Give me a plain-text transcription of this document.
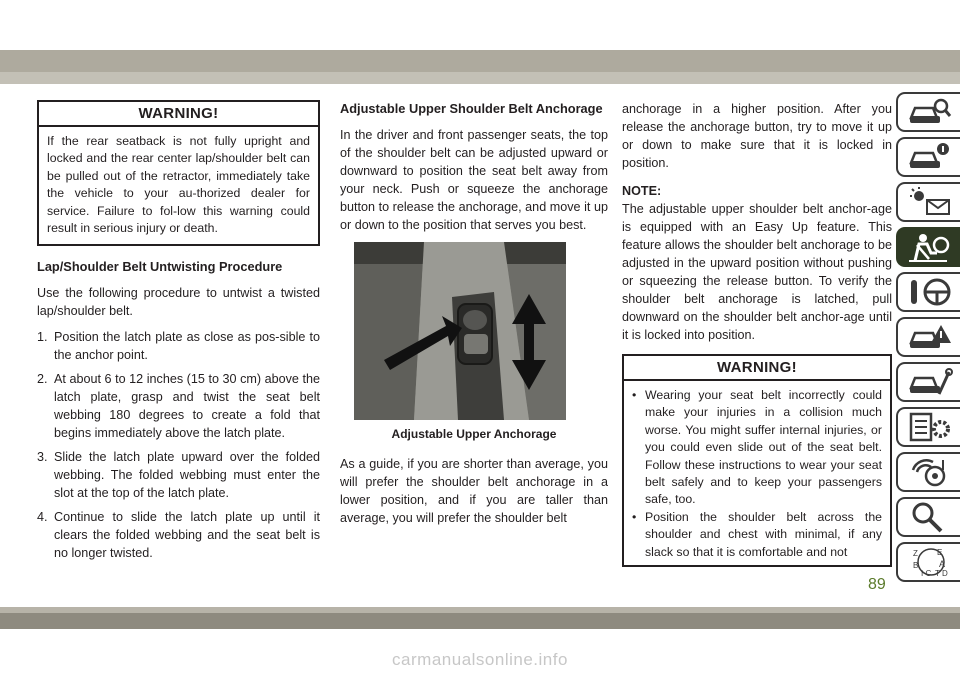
WARNING!
If the rear seatback is not fully upright and locked and the rear center lap/shoulder belt can be pulled out of the retractor, immediately take the vehicle to your au-thorized dealer for service. Failure to fol-low this warning could result in serious injury or death.
Lap/Shoulder Belt Untwisting Procedure

Use the following procedure to untwist a twisted lap/shoulder belt.

1. Position the latch plate as close as pos-sible to the anchor point.
2. At about 6 to 12 inches (15 to 30 cm) above the latch plate, grasp and twist the seat belt webbing 180 degrees to create a fold that begins immediately above the latch plate.
3. Slide the latch plate upward over the folded webbing. The folded webbing must enter the slot at the top of the latch plate.
4. Continue to slide the latch plate up until it clears the folded webbing and the seat belt is no longer twisted.
Adjustable Upper Shoulder Belt Anchorage

In the driver and front passenger seats, the top of the shoulder belt can be adjusted upward or downward to position the seat belt away from your neck. Push or squeeze the anchorage button to release the anchorage, and move it up or down to the position that serves you best.

Adjustable Upper Anchorage

As a guide, if you are shorter than average, you will prefer the shoulder belt anchorage in a lower position, and if you are taller than average, you will prefer the shoulder belt

anchorage in a higher position. After you release the anchorage button, try to move it up or down to make sure that it is locked in position.

NOTE:

The adjustable upper shoulder belt anchor-age is equipped with an Easy Up feature. This feature allows the shoulder belt anchorage to be adjusted in the upward position without pushing or squeezing the release button. To verify the shoulder belt anchorage is latched, pull downward on the shoulder belt anchor-age until it is locked into position.

WARNING!
• Wearing your seat belt incorrectly could make your injuries in a collision much worse. You might suffer internal injuries, or you could even slide out of the seat belt. Follow these instructions to wear your seat belt safely and to keep your passengers safe, too.
• Position the shoulder belt across the shoulder and chest with minimal, if any slack so that it is comfortable and not	Z E
B A
I C T D
89
carmanualsonline.info
